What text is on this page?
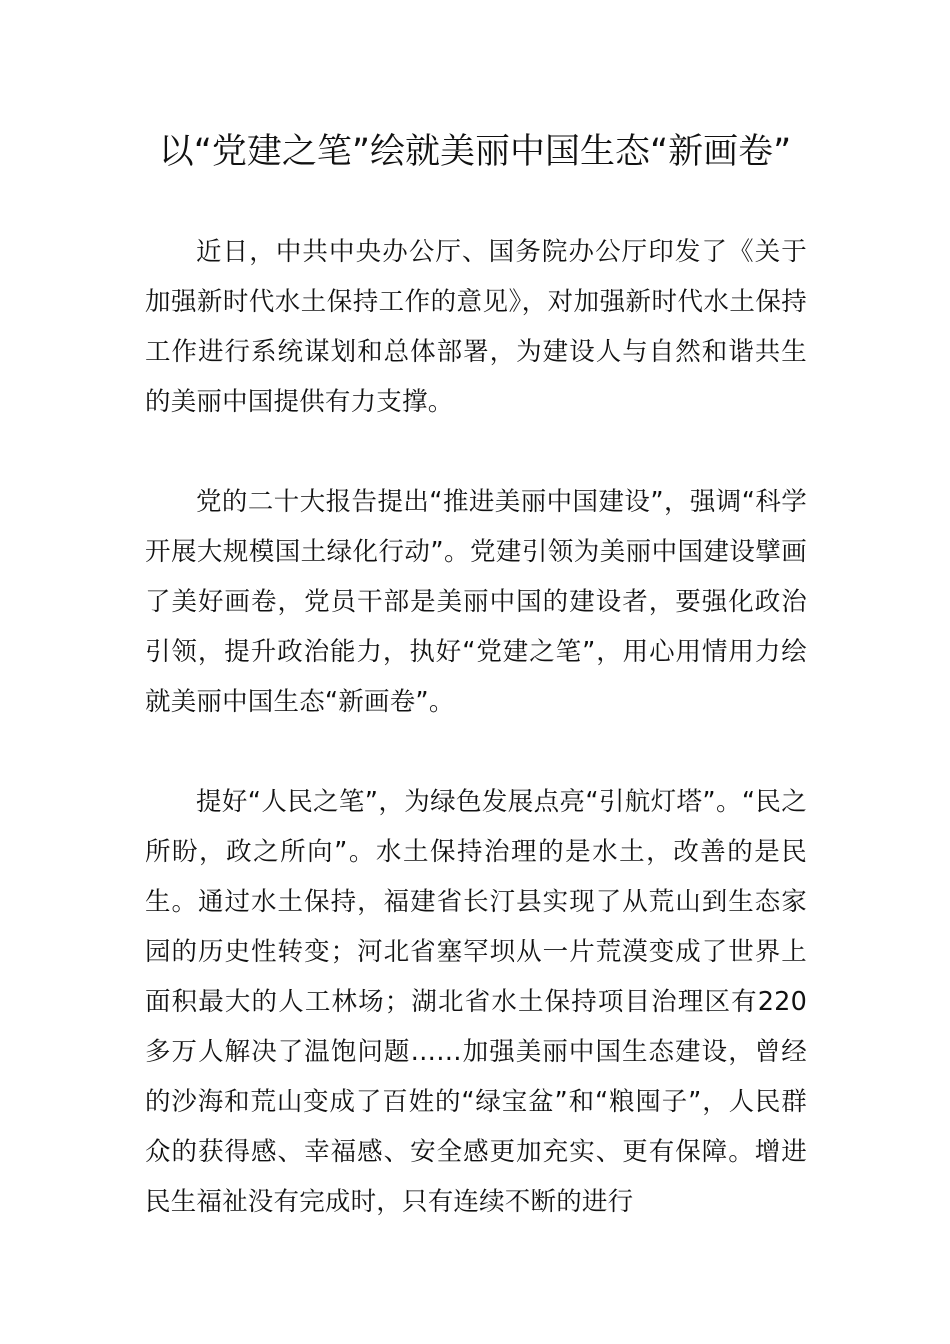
以“党建之笔”绘就美丽中国生态“新画卷”

近日，中共中央办公厅、国务院办公厅印发了《关于加强新时代水土保持工作的意见》，对加强新时代水土保持工作进行系统谋划和总体部署，为建设人与自然和谐共生的美丽中国提供有力支撑。

党的二十大报告提出“推进美丽中国建设”，强调“科学开展大规模国土绿化行动”。党建引领为美丽中国建设擘画了美好画卷，党员干部是美丽中国的建设者，要强化政治引领，提升政治能力，执好“党建之笔”，用心用情用力绘就美丽中国生态“新画卷”。

提好“人民之笔”，为绿色发展点亮“引航灯塔”。“民之所盼，政之所向”。水土保持治理的是水土，改善的是民生。通过水土保持，福建省长汀县实现了从荒山到生态家园的历史性转变；河北省塞罕坝从一片荒漠变成了世界上面积最大的人工林场；湖北省水土保持项目治理区有220多万人解决了温饱问题……加强美丽中国生态建设，曾经的沙海和荒山变成了百姓的“绿宝盆”和“粮囤子”，人民群众的获得感、幸福感、安全感更加充实、更有保障。增进民生福祉没有完成时，只有连续不断的进行
